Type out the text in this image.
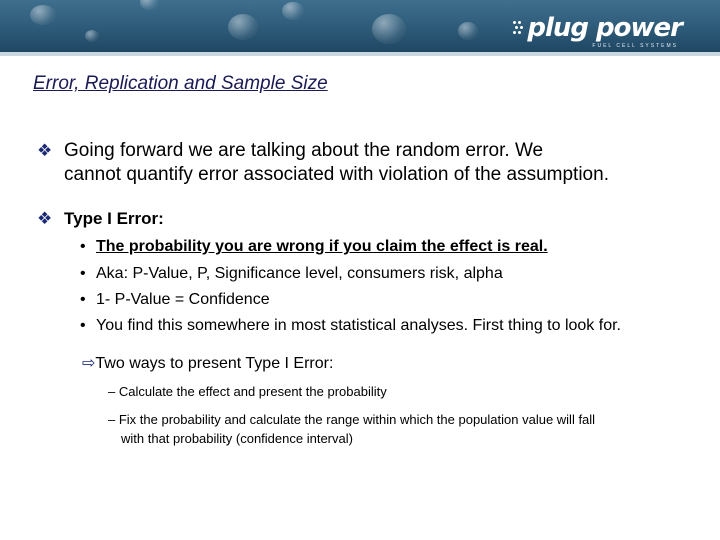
plug power
FUEL CELL SYSTEMS
Error, Replication and Sample Size
❖ Going forward we are talking about the random error. We
cannot quantify error associated with violation of the assumption.
❖ Type I Error:
• The probability you are wrong if you claim the effect is real.
• Aka: P-Value, P, Significance level, consumers risk, alpha
• 1- P-Value = Confidence
• You find this somewhere in most statistical analyses. First thing to look for.
⇨Two ways to present Type I Error:
– Calculate the effect and present the probability
– Fix the probability and calculate the range within which the population value will fall
with that probability (confidence interval)
